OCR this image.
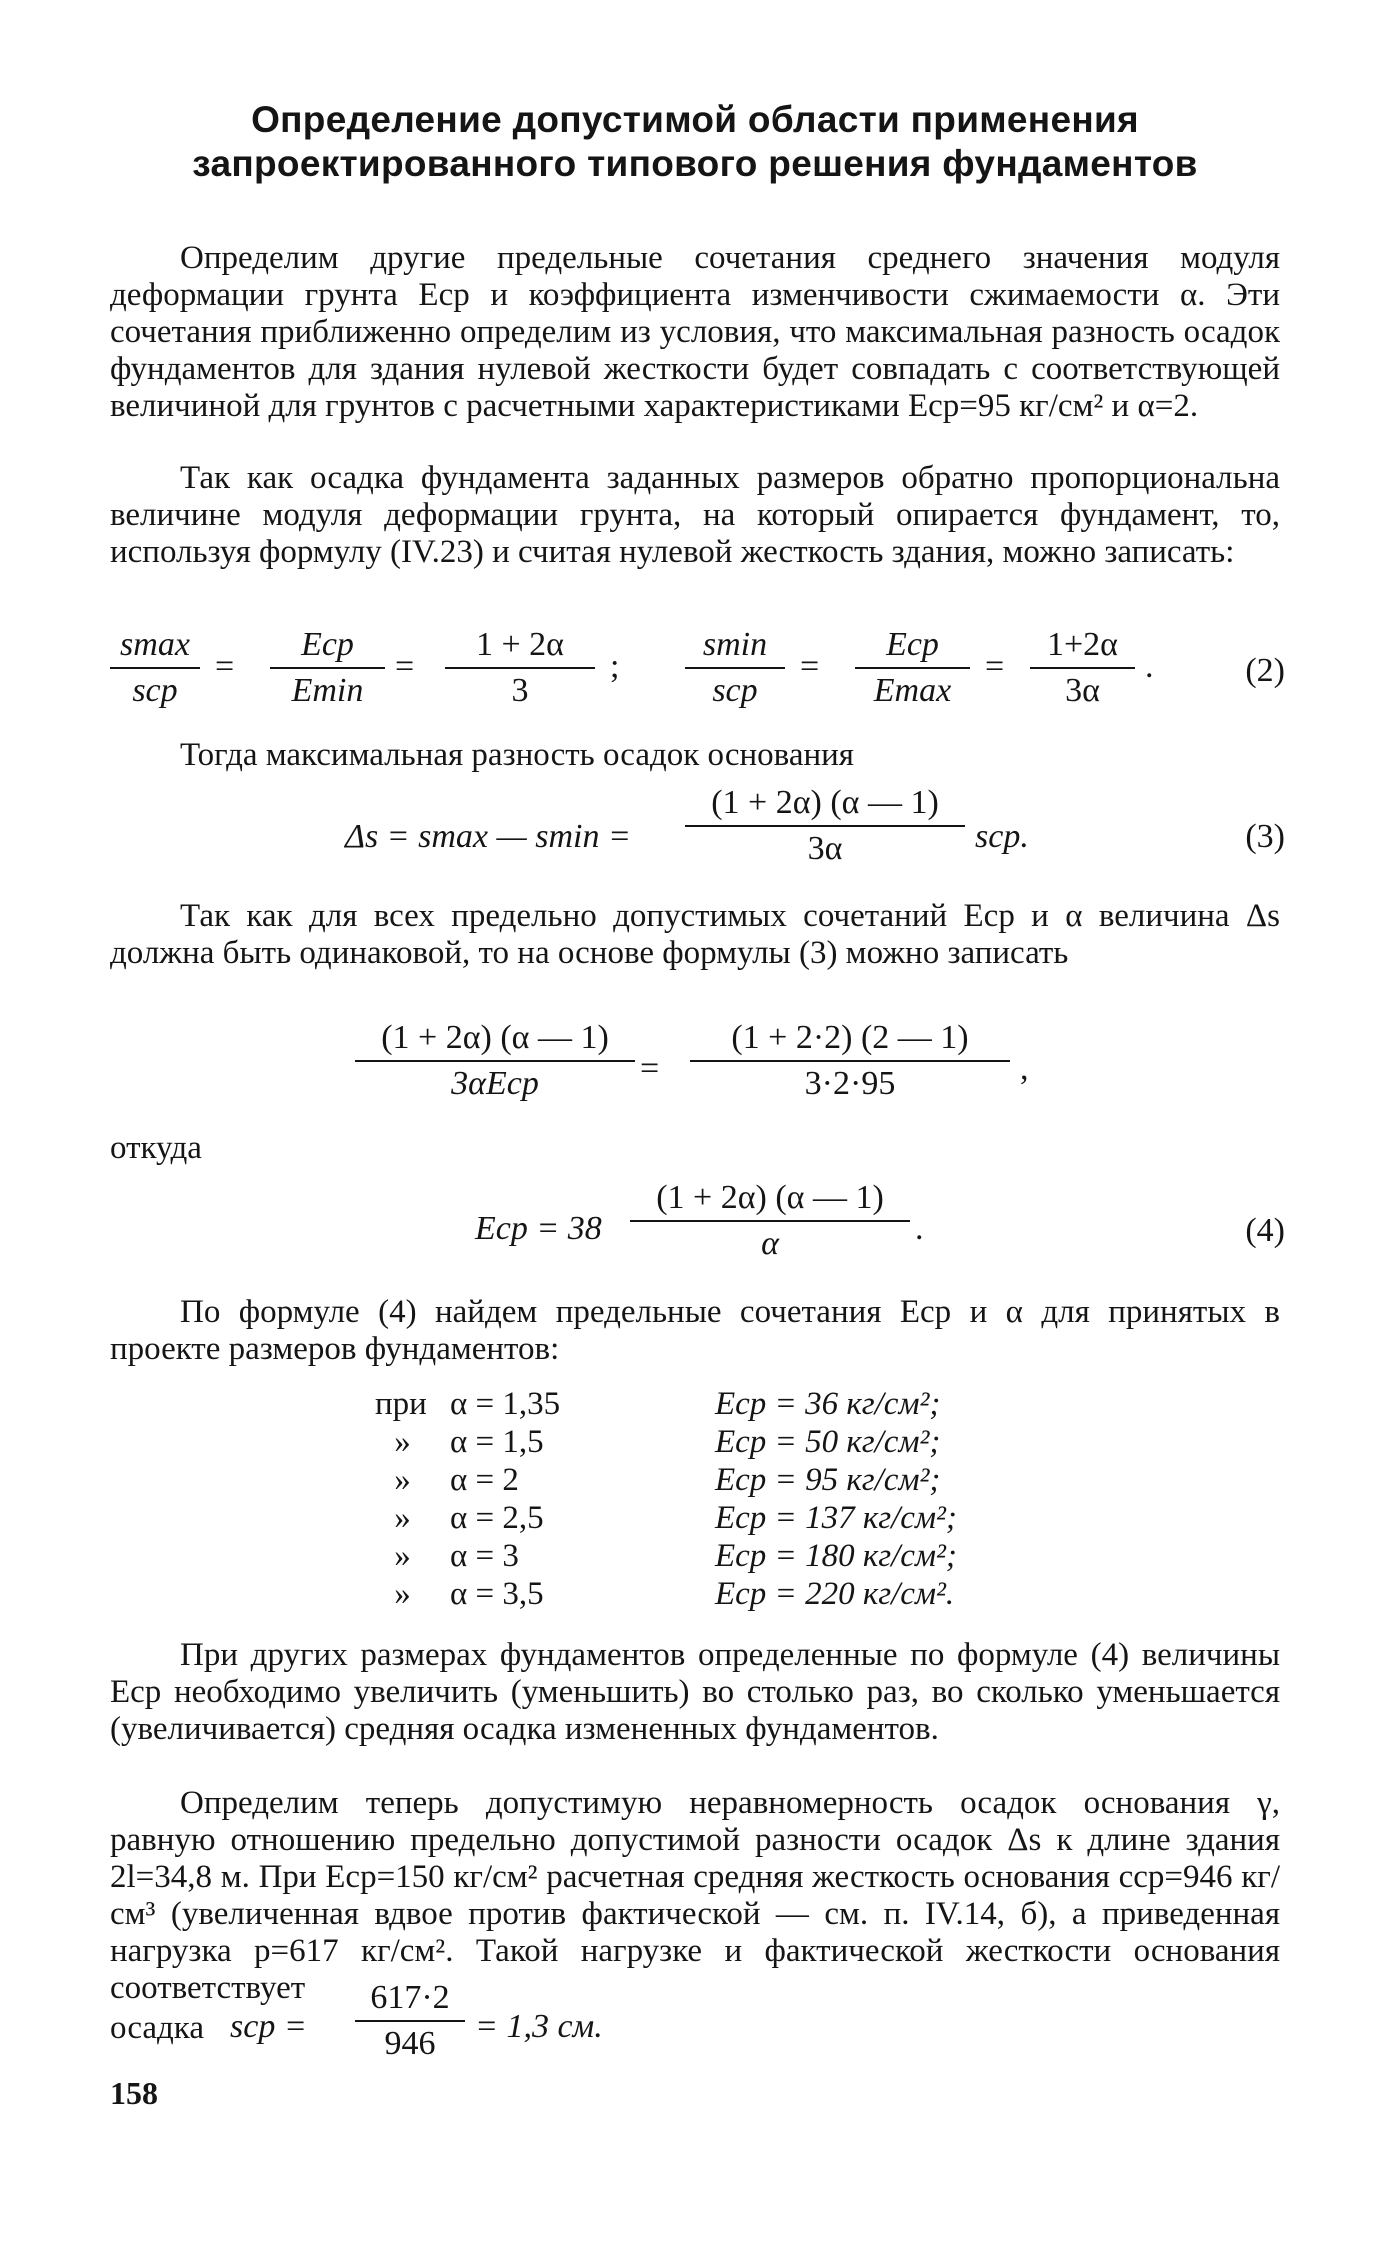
Определение допустимой области применения
запроектированного типового решения фундаментов

Определим другие предельные сочетания среднего значения модуля деформации грунта Eср и коэффициента изменчивости сжимаемости α. Эти сочетания приближенно определим из условия, что максимальная разность осадок фундаментов для здания нулевой жесткости будет совпадать с соответствующей величиной для грунтов с расчетными характеристиками Eср=95 кг/см² и α=2.

Так как осадка фундамента заданных размеров обратно пропорциональна величине модуля деформации грунта, на который опирается фундамент, то, используя формулу (IV.23) и считая нулевой жесткость здания, можно записать:

smax
sср
=
Eср
Emin
=
1 + 2α
3
;
smin
sср
=
Eср
Emax
=
1+2α
3α
.	(2)
Тогда максимальная разность осадок основания
Δs = smax — smin =
(1 + 2α) (α — 1)
3α	sср.	(3)

Так как для всех предельно допустимых сочетаний Eср и α величина Δs должна быть одинаковой, то на основе формулы (3) можно записать

(1 + 2α) (α — 1)
3αEср	=
(1 + 2·2) (2 — 1)
3·2·95	,
откуда
Eср = 38
(1 + 2α) (α — 1)
α	.	(4)

По формуле (4) найдем предельные сочетания Eср и α для принятых в проекте размеров фундаментов:

при α = 1,35	Eср = 36 кг/см²;
»	α = 1,5	Eср = 50 кг/см²;
»	α = 2	Eср = 95 кг/см²;
»	α = 2,5	Eср = 137 кг/см²;
»	α = 3	Eср = 180 кг/см²;
»	α = 3,5	Eср = 220 кг/см².

При других размерах фундаментов определенные по формуле (4) величины Eср необходимо увеличить (уменьшить) во столько раз, во сколько уменьшается (увеличивается) средняя осадка измененных фундаментов.

Определим теперь допустимую неравномерность осадок основания γ, равную отношению предельно допустимой разности осадок Δs к длине здания 2l=34,8 м. При Eср=150 кг/см² расчетная средняя жесткость основания cср=946 кг/см³ (увеличенная вдвое против фактической — см. п. IV.14, б), а приведенная нагрузка p=617 кг/см². Такой нагрузке и фактической жесткости основания соответствует

осадка sср =
617·2
946	= 1,3 см.
158
